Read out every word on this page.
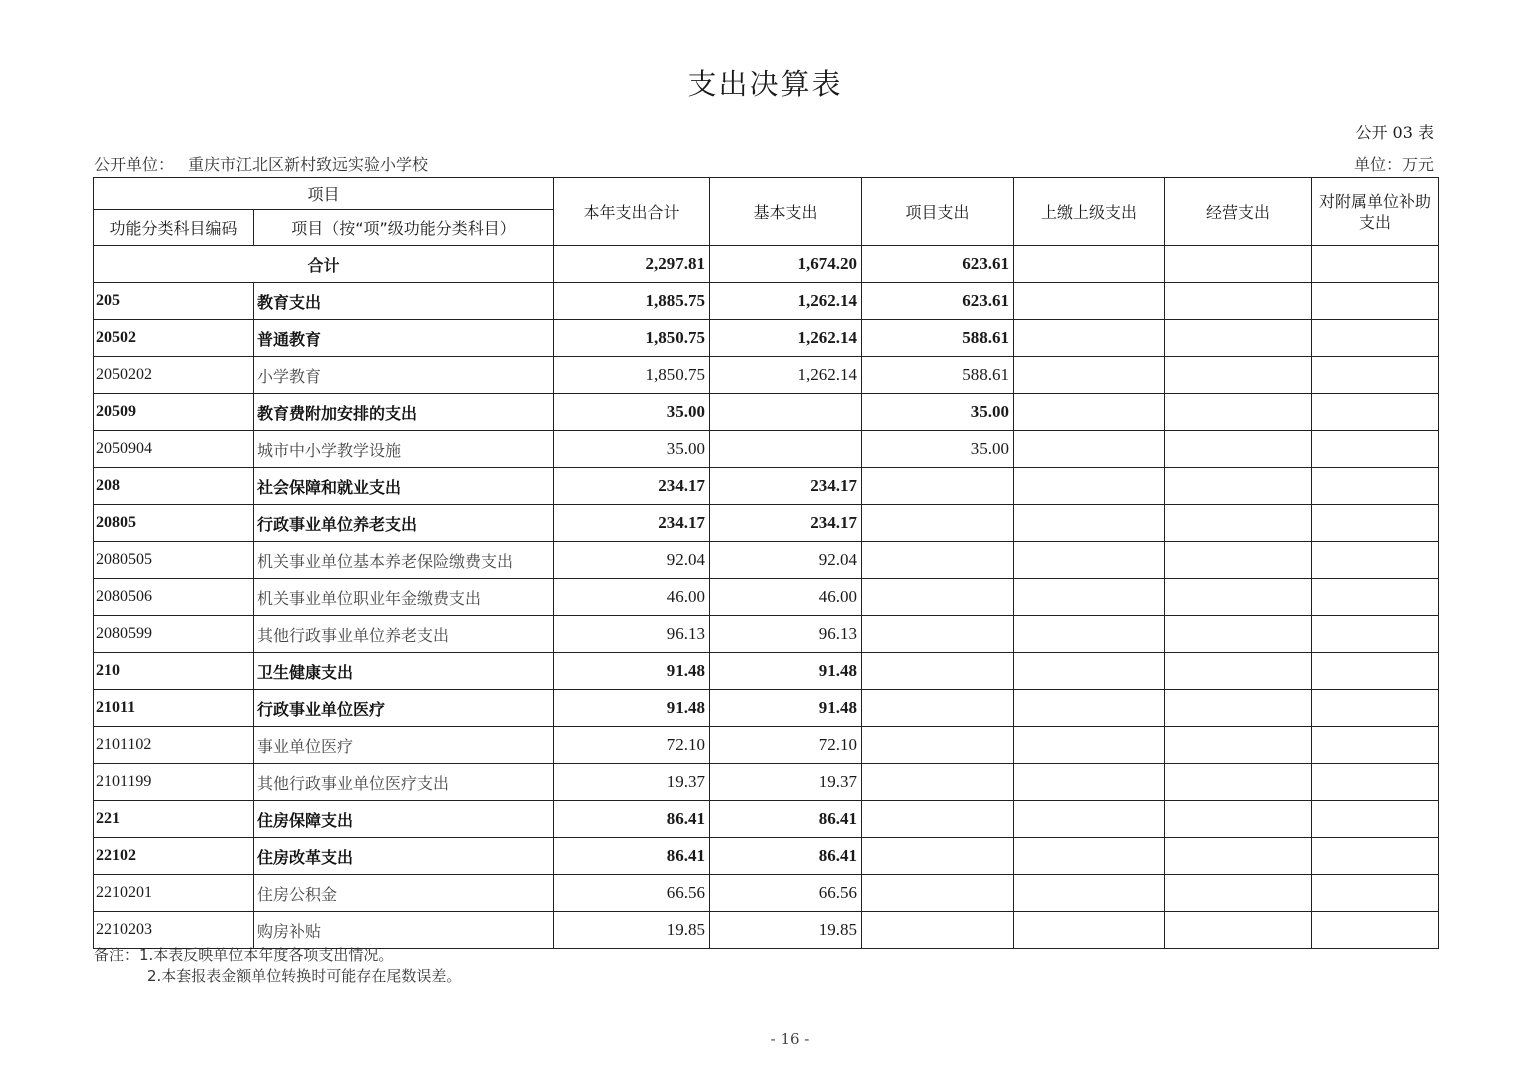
支出决算表
公开 03 表
公开单位： 重庆市江北区新村致远实验小学校	单位：万元
项目		本年支出合计	基本支出	项目支出	上缴上级支出	经营支出	对附属单位补助支出
功能分类科目编码	项目（按“项”级功能分类科目）						
合计		2,297.81	1,674.20	623.61			
205	教育支出	1,885.75	1,262.14	623.61			
20502	普通教育	1,850.75	1,262.14	588.61			
2050202	小学教育	1,850.75	1,262.14	588.61			
20509	教育费附加安排的支出	35.00		35.00			
2050904	城市中小学教学设施	35.00		35.00			
208	社会保障和就业支出	234.17	234.17				
20805	行政事业单位养老支出	234.17	234.17				
2080505	机关事业单位基本养老保险缴费支出	92.04	92.04				
2080506	机关事业单位职业年金缴费支出	46.00	46.00				
2080599	其他行政事业单位养老支出	96.13	96.13				
210	卫生健康支出	91.48	91.48				
21011	行政事业单位医疗	91.48	91.48				
2101102	事业单位医疗	72.10	72.10				
2101199	其他行政事业单位医疗支出	19.37	19.37				
221	住房保障支出	86.41	86.41				
22102	住房改革支出	86.41	86.41				
2210201	住房公积金	66.56	66.56				
2210203	购房补贴	19.85	19.85				
备注：1.本表反映单位本年度各项支出情况。
2.本套报表金额单位转换时可能存在尾数误差。
- 16 -
